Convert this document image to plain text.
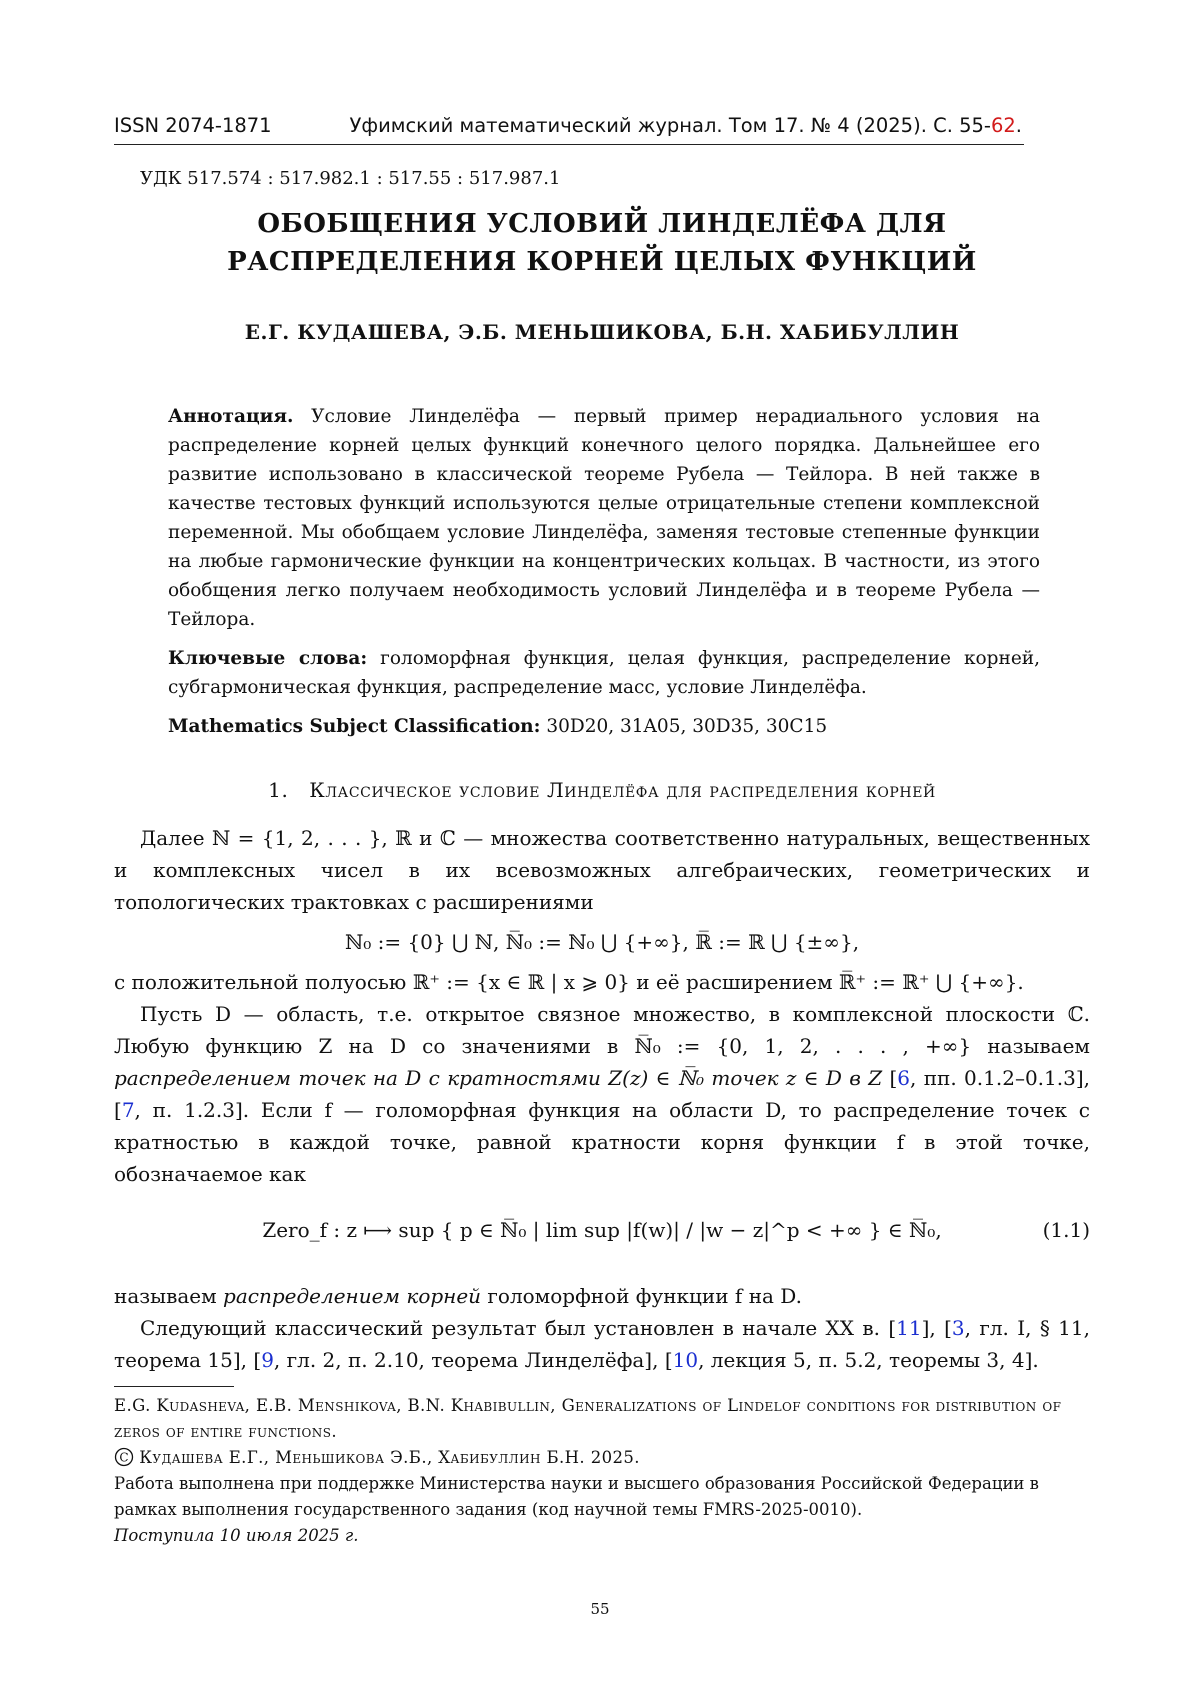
ISSN 2074-1871	Уфимский математический журнал. Том 17. № 4 (2025). С. 55-62.
УДК 517.574 : 517.982.1 : 517.55 : 517.987.1
ОБОБЩЕНИЯ УСЛОВИЙ ЛИНДЕЛЁФА ДЛЯ
РАСПРЕДЕЛЕНИЯ КОРНЕЙ ЦЕЛЫХ ФУНКЦИЙ
Е.Г. КУДАШЕВА, Э.Б. МЕНЬШИКОВА, Б.Н. ХАБИБУЛЛИН

Аннотация. Условие Линделёфа — первый пример нерадиального условия на распределение корней целых функций конечного целого порядка. Дальнейшее его развитие использовано в классической теореме Рубела — Тейлора. В ней также в качестве тестовых функций используются целые отрицательные степени комплексной переменной. Мы обобщаем условие Линделёфа, заменяя тестовые степенные функции на любые гармонические функции на концентрических кольцах. В частности, из этого обобщения легко получаем необходимость условий Линделёфа и в теореме Рубела — Тейлора.

Ключевые слова: голоморфная функция, целая функция, распределение корней, субгармоническая функция, распределение масс, условие Линделёфа.

Mathematics Subject Classification: 30D20, 31A05, 30D35, 30C15

1. Классическое условие Линделёфа для распределения корней

Далее ℕ = {1, 2, . . . }, ℝ и ℂ — множества соответственно натуральных, вещественных и комплексных чисел в их всевозможных алгебраических, геометрических и топологических трактовках с расширениями

ℕ₀ := {0} ⋃ ℕ, ℕ̅₀ := ℕ₀ ⋃ {+∞}, ℝ̅ := ℝ ⋃ {±∞},

с положительной полуосью ℝ⁺ := {x ∈ ℝ | x ⩾ 0} и её расширением ℝ̅⁺ := ℝ⁺ ⋃ {+∞}.

Пусть D — область, т.е. открытое связное множество, в комплексной плоскости ℂ. Любую функцию Z на D со значениями в ℕ̅₀ := {0, 1, 2, . . . , +∞} называем распределением точек на D с кратностями Z(z) ∈ ℕ̅₀ точек z ∈ D в Z [6, пп. 0.1.2–0.1.3], [7, п. 1.2.3]. Если f — голоморфная функция на области D, то распределение точек с кратностью в каждой точке, равной кратности корня функции f в этой точке, обозначаемое как

Zero_f : z ⟼ sup { p ∈ ℕ̅₀ | lim sup |f(w)| / |w − z|^p < +∞ } ∈ ℕ̅₀,	(1.1)

называем распределением корней голоморфной функции f на D.

Следующий классический результат был установлен в начале XX в. [11], [3, гл. I, § 11, теорема 15], [9, гл. 2, п. 2.10, теорема Линделёфа], [10, лекция 5, п. 5.2, теоремы 3, 4].

E.G. Kudasheva, E.B. Menshikova, B.N. Khabibullin, Generalizations of Lindelof conditions for distribution of zeros of entire functions.

C Кудашева Е.Г., Меньшикова Э.Б., Хабибуллин Б.Н. 2025.

Работа выполнена при поддержке Министерства науки и высшего образования Российской Федерации в рамках выполнения государственного задания (код научной темы FMRS-2025-0010).

Поступила 10 июля 2025 г.

55
